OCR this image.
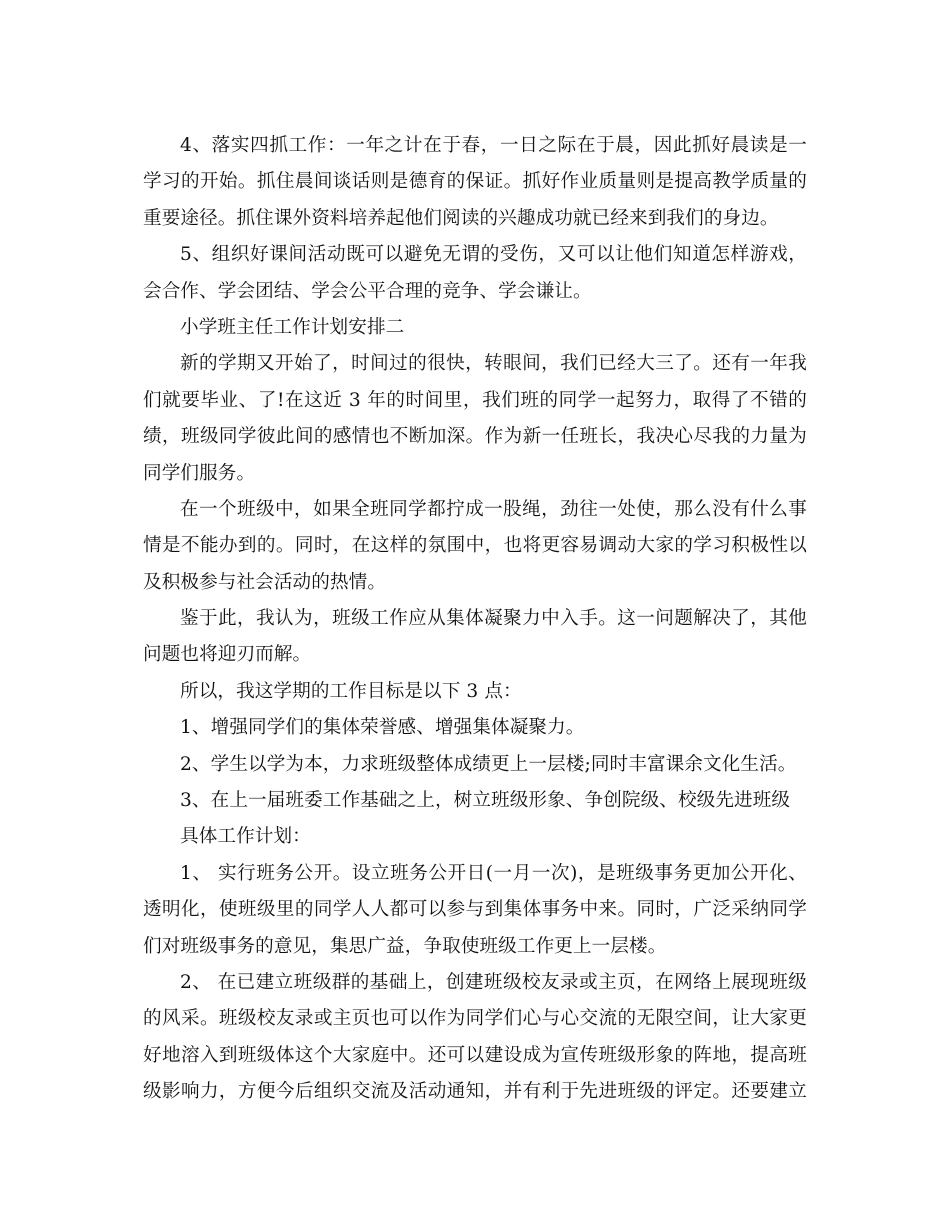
4、落实四抓工作：一年之计在于春，一日之际在于晨，因此抓好晨读是一
学习的开始。抓住晨间谈话则是德育的保证。抓好作业质量则是提高教学质量的
重要途径。抓住课外资料培养起他们阅读的兴趣成功就已经来到我们的身边。
5、组织好课间活动既可以避免无谓的受伤，又可以让他们知道怎样游戏，
会合作、学会团结、学会公平合理的竞争、学会谦让。
小学班主任工作计划安排二
新的学期又开始了，时间过的很快，转眼间，我们已经大三了。还有一年我
们就要毕业、了!在这近 3 年的时间里，我们班的同学一起努力，取得了不错的
绩，班级同学彼此间的感情也不断加深。作为新一任班长，我决心尽我的力量为
同学们服务。
在一个班级中，如果全班同学都拧成一股绳，劲往一处使，那么没有什么事
情是不能办到的。同时，在这样的氛围中，也将更容易调动大家的学习积极性以
及积极参与社会活动的热情。
鉴于此，我认为，班级工作应从集体凝聚力中入手。这一问题解决了，其他
问题也将迎刃而解。
所以，我这学期的工作目标是以下 3 点：
1、增强同学们的集体荣誉感、增强集体凝聚力。
2、学生以学为本，力求班级整体成绩更上一层楼;同时丰富课余文化生活。
3、在上一届班委工作基础之上，树立班级形象、争创院级、校级先进班级
具体工作计划：
1、 实行班务公开。设立班务公开日(一月一次)，是班级事务更加公开化、
透明化，使班级里的同学人人都可以参与到集体事务中来。同时，广泛采纳同学
们对班级事务的意见，集思广益，争取使班级工作更上一层楼。
2、 在已建立班级群的基础上，创建班级校友录或主页，在网络上展现班级
的风采。班级校友录或主页也可以作为同学们心与心交流的无限空间，让大家更
好地溶入到班级体这个大家庭中。还可以建设成为宣传班级形象的阵地，提高班
级影响力，方便今后组织交流及活动通知，并有利于先进班级的评定。还要建立
